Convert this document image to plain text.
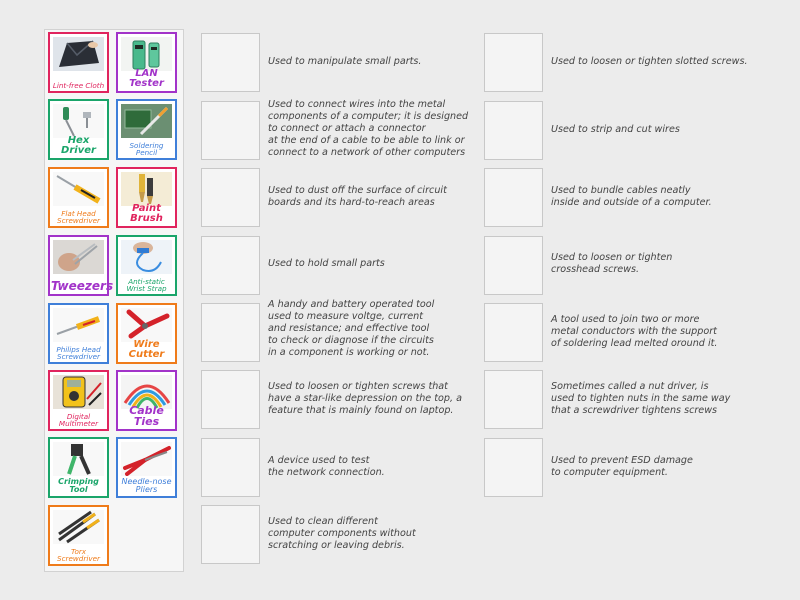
Lint-free Cloth
LAN Tester
Hex Driver	Soldering Pencil
Flat Head Screwdriver
Paint Brush
Tweezers	Anti-static Wrist Strap
Philips Head Screwdriver
Wire Cutter
Digital Multimeter
Cable Ties
Crimping Tool
Needle-nose Pliers
Torx Screwdriver

Used to manipulate small parts.

Used to connect wires into the metal
components of a computer; it is designed
to connect or attach a connector
at the end of a cable to be able to link or
connect to a network of other computers

Used to dust off the surface of circuit
boards and its hard-to-reach areas

Used to hold small parts

A handy and battery operated tool
used to measure voltge, current
and resistance; and effective tool
to check or diagnose if the circuits
in a component is working or not.

Used to loosen or tighten screws that
have a star-like depression on the top, a
feature that is mainly found on laptop.

A device used to test
the network connection.

Used to clean different
computer components without
scratching or leaving debris.

Used to loosen or tighten slotted screws.

Used to strip and cut wires

Used to bundle cables neatly
inside and outside of a computer.

Used to loosen or tighten
crosshead screws.

A tool used to join two or more
metal conductors with the support
of soldering lead melted oround it.

Sometimes called a nut driver, is
used to tighten nuts in the same way
that a screwdriver tightens screws

Used to prevent ESD damage
to computer equipment.
